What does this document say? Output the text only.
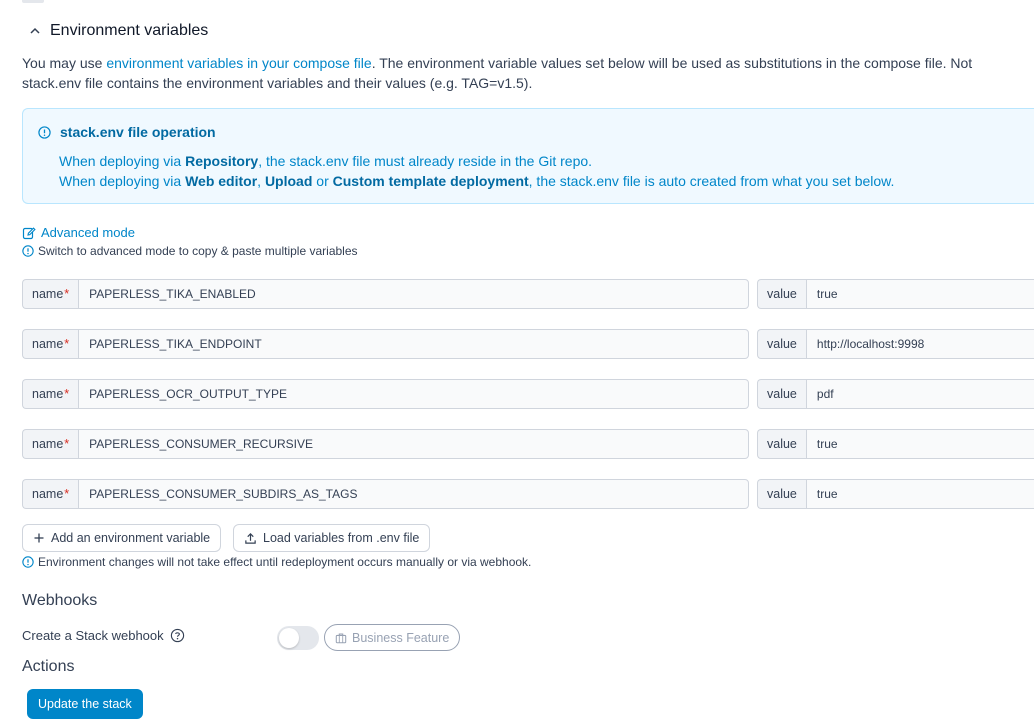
Environment variables
You may use environment variables in your compose file. The environment variable values set below will be used as substitutions in the compose file. Not
stack.env file contains the environment variables and their values (e.g. TAG=v1.5).
stack.env file operation
When deploying via Repository, the stack.env file must already reside in the Git repo.
When deploying via Web editor, Upload or Custom template deployment, the stack.env file is auto created from what you set below.
Advanced mode
Switch to advanced mode to copy & paste multiple variables
name *	PAPERLESS_TIKA_ENABLED	value	true
name *	PAPERLESS_TIKA_ENDPOINT	value	http://localhost:9998
name *	PAPERLESS_OCR_OUTPUT_TYPE	value	pdf
name *	PAPERLESS_CONSUMER_RECURSIVE	value	true
name *	PAPERLESS_CONSUMER_SUBDIRS_AS_TAGS	value	true
Add an environment variable	Load variables from .env file
Environment changes will not take effect until redeployment occurs manually or via webhook.
Webhooks
Create a Stack webhook	Business Feature
Actions
Update the stack
